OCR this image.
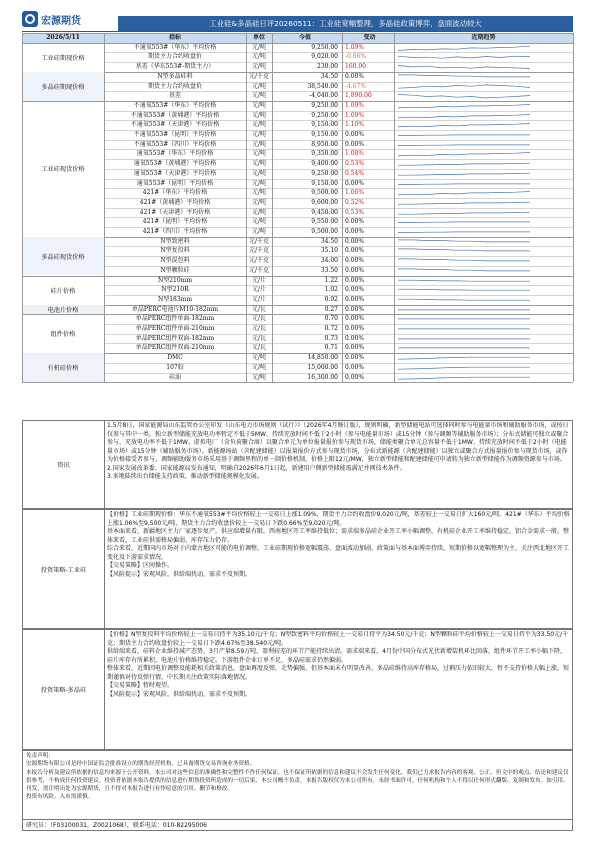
宏源期货	工业硅&多晶硅日评20260511：工业硅宽幅整理，多晶硅政策博弈，盘面波动较大
2026/5/11	指标	单位	今值	变动	近期趋势
工业硅期现价格
不通氧553#（华东）平均价格	元/吨	9,250.00	1.09%
期货主力合约收盘价	元/吨	9,020.00	-0.66%
基差（华东553#-期货主力）	元/吨	230.00	160.00
多晶硅期现价格
N型多晶硅料	元/千克	34.50	0.00%
期货主力合约收盘价	元/吨	38,540.00	-4.67%
基差	元/吨	-4,040.00	1,890.00
工业硅现货价格
不通氧553#（华东）平均价格	元/吨	9,250.00	1.09%
不通氧553#（黄埔港）平均价格	元/吨	9,250.00	1.09%
不通氧553#（天津港）平均价格	元/吨	9,150.00	1.10%
不通氧553#（昆明）平均价格	元/吨	9,150.00	0.00%
不通氧553#（四川）平均价格	元/吨	8,950.00	0.00%
通氧553#（华东）平均价格	元/吨	9,350.00	1.08%
通氧553#（黄埔港）平均价格	元/吨	9,400.00	0.53%
通氧553#（天津港）平均价格	元/吨	9,250.00	0.54%
通氧553#（昆明）平均价格	元/吨	9,150.00	0.00%
421#（华东）平均价格	元/吨	9,500.00	1.06%
421#（黄埔港）平均价格	元/吨	9,600.00	0.52%
421#（天津港）平均价格	元/吨	9,450.00	0.53%
421#（昆明）平均价格	元/吨	9,550.00	0.00%
421#（四川）平均价格	元/吨	9,500.00	0.00%
多晶硅现货价格
N型致密料	元/千克	34.50	0.00%
N型复投料	元/千克	35.10	0.00%
N型混包料	元/千克	34.00	0.00%
N型颗粒硅	元/千克	33.50	0.00%
硅片价格
N型210mm	元/片	1.22	0.00%
N型210R	元/片	1.02	0.00%
N型183mm	元/片	0.92	0.00%
电池片价格	单晶PERC电池片M10-182mm	元/瓦	0.27	0.00%
组件价格
单晶PERC组件单面-182mm	元/瓦	0.70	0.00%
单晶PERC组件单面-210mm	元/瓦	0.72	0.00%
单晶PERC组件双面-182mm	元/瓦	0.73	0.00%
单晶PERC组件双面-210mm	元/瓦	0.71	0.00%
有机硅价格
DMC	元/吨	14,850.00	0.00%
107胶	元/吨	15,000.00	0.00%
硅油	元/吨	16,300.00	0.00%
资讯

1.5月8日，国家能源局山东监管办公室印发《山东电力市场规则（试行）》（2026年4月修订版），规则明确，新型储能电站可选择同时参与电能量市场和辅助服务市场，或按日仅参与其中一类。独立新型储能充放电功率暂定不低于5MW、持续充放时间不低于2小时（参与电能量市场）或15分钟（参与调频等辅助服务市场）；分布式储能可独立或聚合参与，充放电功率不低于1MW。虚拟电厂（含负荷聚合商）以聚合单元为单位报量报价参与现货市场，储能类聚合单元总容量不低于1MW、持续充放时间不低于2小时（电能量市场）或15分钟（辅助服务市场）。新能源场站（含配建储能）以报量报价方式参与现货市场，分布式新能源（含配建储能）以独立或聚合方式报量报价参与现货市场，或作为价格接受者参与。调频辅助服务市场采用基于调频里程的单一制价格机制，价格上限12元/MW，独立新型储能和配建储能可申请转为独立新型储能作为调频资源参与市场。

2.国家发展改革委、国家能源局发布通知，明确自2026年6月1日起，新建用户侧新型储能需满足并网技术条件。

3.多地陆续出台储能支持政策，推动新型储能规模化发展。

投资策略-工业硅

【价格】工业硅期现价格：华东不通氧553#平均价格较上一交易日上涨1.09%，期货主力合约收盘价9,020元/吨，基差较上一交易日扩大160元/吨。421#（华东）平均价格上涨1.06%至9,500元/吨，期货主力合约收盘价较上一交易日下跌0.66%至9,020元/吨。

基本面来看，新疆地区主力厂家逐步复产，供应端增量有限，西南地区开工率维持低位；需求端多晶硅企业开工率小幅调整，有机硅企业开工率维持稳定，铝合金需求一般。整体来看，工业硅供需格局偏弱，库存压力仍存。

综合来看，近期国内市场对于内蒙古地区可能的电价调整，工业硅期现价格宽幅震荡，盘面波动加剧。政策面与基本面博弈持续，短期价格以宽幅整理为主，关注西北地区开工变化及下游需求情况。

【交易策略】区间操作。

【风险提示】宏观风险，供给端扰动，需求不及预期。

投资策略-多晶硅

【价格】N型复投料平均价格较上一交易日持平为35.10元/千克；N型致密料平均价格较上一交易日持平为34.50元/千克；N型颗粒硅平均价格较上一交易日持平为33.50元/千克；期货主力合约收盘价较上一交易日下跌4.67%至38,540元/吨。

供给端来看，硅料企业维持减产态势，3月产量8.59万吨，盈利较差的环节产能持续出清。需求端来看，4月份中国分布式光伏新增装机环比回落，组件环节开工率小幅下降，硅片库存有所累积，电池片价格维持稳定。下游组件企业订单不足，多晶硅需求仍然偏弱。

整体来看，近期因电价调整及能耗相关政策消息，盘面再度反弹，走势偏强，但基本面未有明显改善，多晶硅维持高库存格局，过剩压力依旧较大，暂不支持价格大幅上涨，短期谨慎对待反弹行情，中长期关注政策实际落地情况。

【交易策略】暂时观望。

【风险提示】宏观风险，供给端扰动，需求不及预期。

免责声明：

宏源期货有限公司是经中国证监会批准设立的期货经营机构，已具备期货交易咨询业务资格。

本报告分析及建议所依据的信息均来源于公开资料，本公司对这些信息的准确性和完整性不作任何保证，也不保证所依据的信息和建议不会发生任何变化。我们已力求报告内容的客观、公正，但文中的观点、结论和建议仅供参考，不构成任何投资建议。投资者依据本报告提供的信息进行期货投资所造成的一切后果，本公司概不负责。本报告版权仅为本公司所有，未经书面许可，任何机构和个人不得以任何形式翻版、复制和发布。如引用、刊发，需注明出处为宏源期货，且不得对本报告进行有悖原意的引用、删节和修改。

投资有风险，入市需谨慎。

研究员：（F03100031，Z0021068），联系电话：010-82295006
